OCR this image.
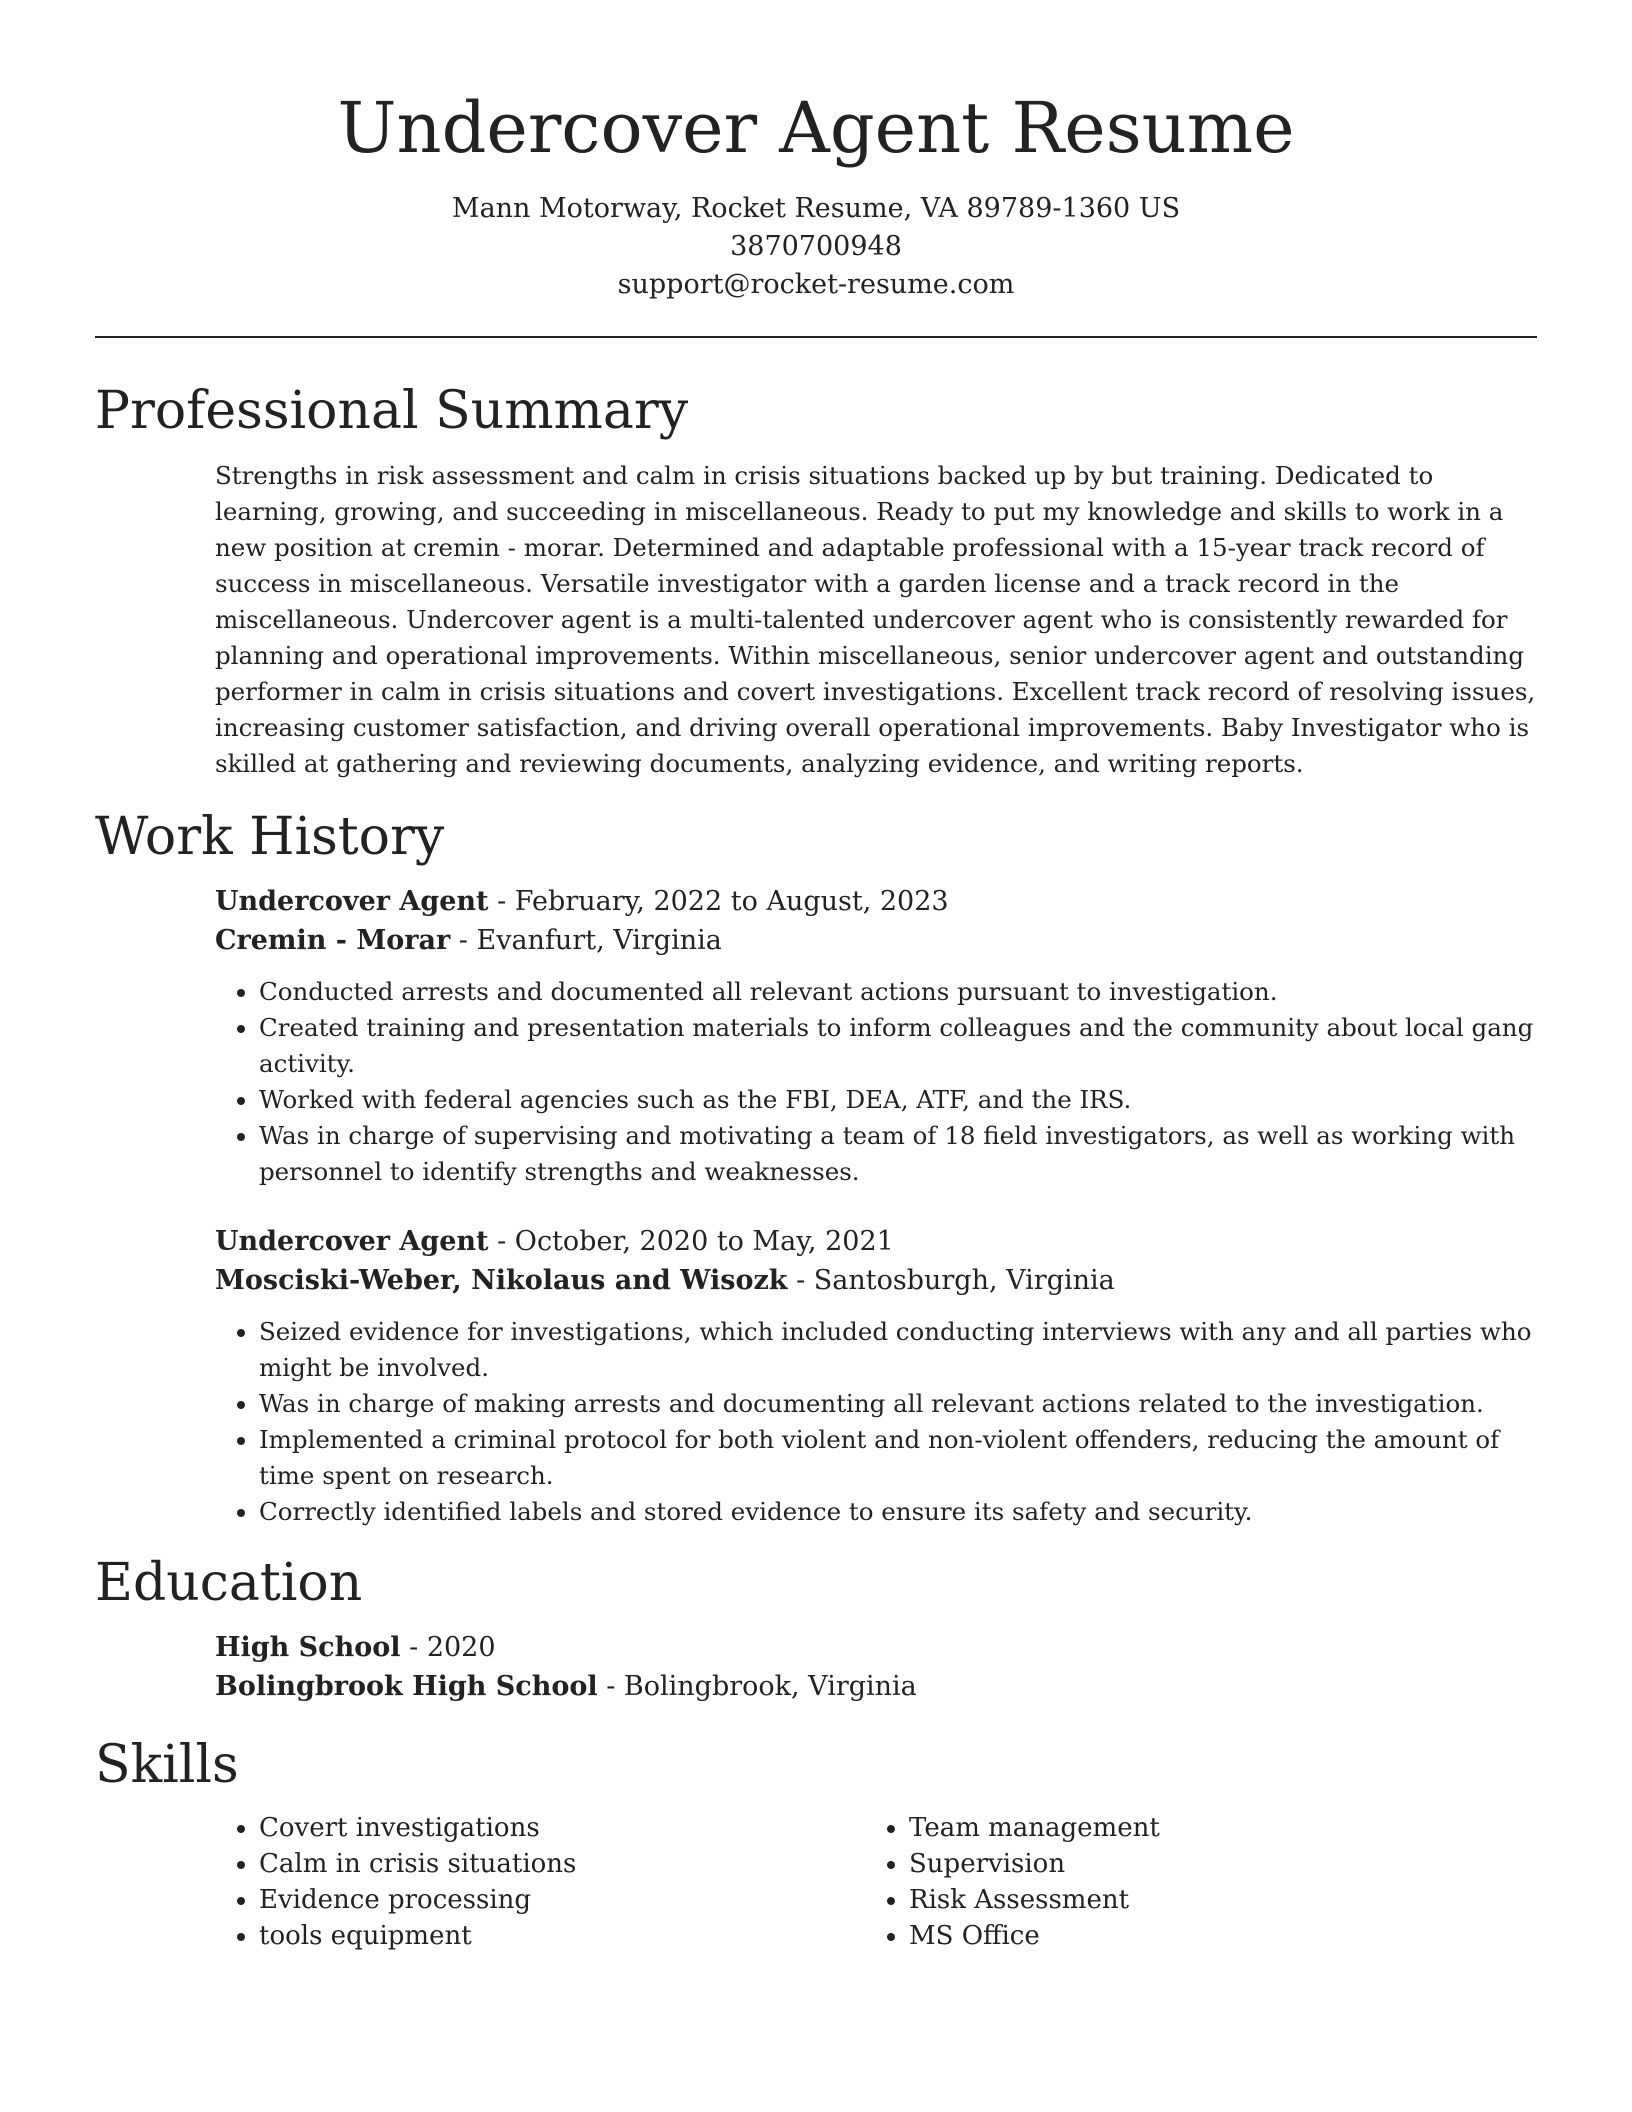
Undercover Agent Resume
Mann Motorway, Rocket Resume, VA 89789-1360 US
3870700948
support@rocket-resume.com
Professional Summary

Strengths in risk assessment and calm in crisis situations backed up by but training. Dedicated to learning, growing, and succeeding in miscellaneous. Ready to put my knowledge and skills to work in a new position at cremin - morar. Determined and adaptable professional with a 15-year track record of success in miscellaneous. Versatile investigator with a garden license and a track record in the miscellaneous. Undercover agent is a multi-talented undercover agent who is consistently rewarded for planning and operational improvements. Within miscellaneous, senior undercover agent and outstanding performer in calm in crisis situations and covert investigations. Excellent track record of resolving issues, increasing customer satisfaction, and driving overall operational improvements. Baby Investigator who is skilled at gathering and reviewing documents, analyzing evidence, and writing reports.

Work History
Undercover Agent - February, 2022 to August, 2023
Cremin - Morar - Evanfurt, Virginia
• Conducted arrests and documented all relevant actions pursuant to investigation.
• Created training and presentation materials to inform colleagues and the community about local gang activity.
• Worked with federal agencies such as the FBI, DEA, ATF, and the IRS.
• Was in charge of supervising and motivating a team of 18 field investigators, as well as working with personnel to identify strengths and weaknesses.
Undercover Agent - October, 2020 to May, 2021
Mosciski-Weber, Nikolaus and Wisozk - Santosburgh, Virginia
• Seized evidence for investigations, which included conducting interviews with any and all parties who might be involved.
• Was in charge of making arrests and documenting all relevant actions related to the investigation.
• Implemented a criminal protocol for both violent and non-violent offenders, reducing the amount of time spent on research.
• Correctly identified labels and stored evidence to ensure its safety and security.
Education
High School - 2020
Bolingbrook High School - Bolingbrook, Virginia
Skills
• Covert investigations
• Calm in crisis situations
• Evidence processing
• tools equipment
• Team management
• Supervision
• Risk Assessment
• MS Office
